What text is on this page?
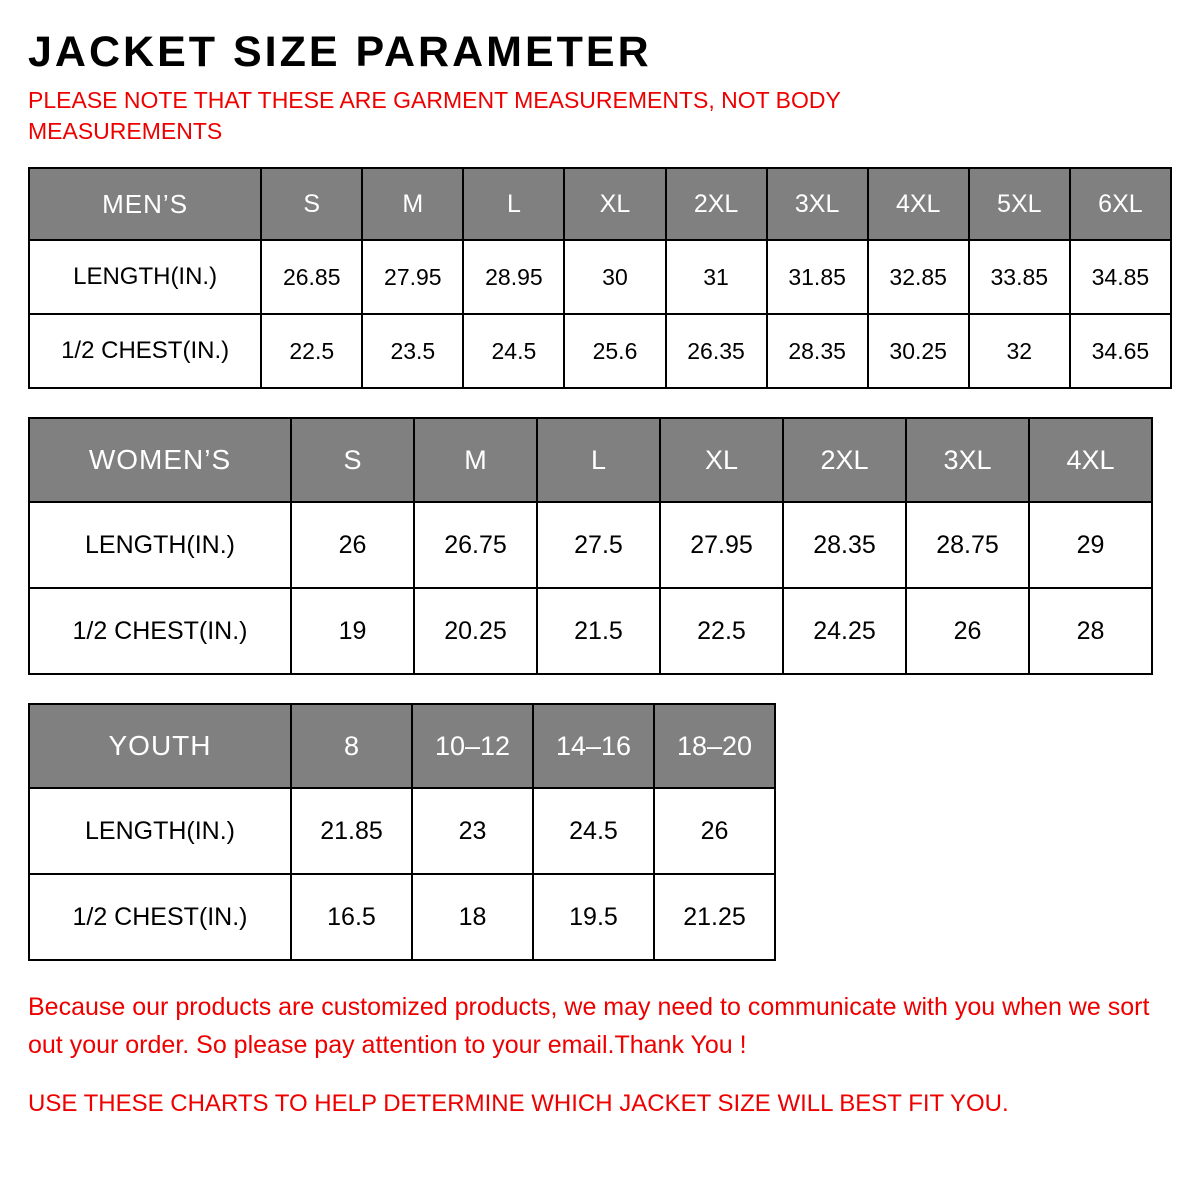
JACKET SIZE PARAMETER
PLEASE NOTE THAT THESE ARE GARMENT MEASUREMENTS, NOT BODY MEASUREMENTS
MEN’S	S	M	L	XL	2XL	3XL	4XL	5XL	6XL
LENGTH(IN.)	26.85	27.95	28.95	30	31	31.85	32.85	33.85	34.85
1/2 CHEST(IN.)	22.5	23.5	24.5	25.6	26.35	28.35	30.25	32	34.65
WOMEN’S	S	M	L	XL	2XL	3XL	4XL
LENGTH(IN.)	26	26.75	27.5	27.95	28.35	28.75	29
1/2 CHEST(IN.)	19	20.25	21.5	22.5	24.25	26	28
YOUTH	8	10–12	14–16	18–20
LENGTH(IN.)	21.85	23	24.5	26
1/2 CHEST(IN.)	16.5	18	19.5	21.25
Because our products are customized products, we may need to communicate with you when we sort out your order. So please pay attention to your email.Thank You !
USE THESE CHARTS TO HELP DETERMINE WHICH JACKET SIZE WILL BEST FIT YOU.
